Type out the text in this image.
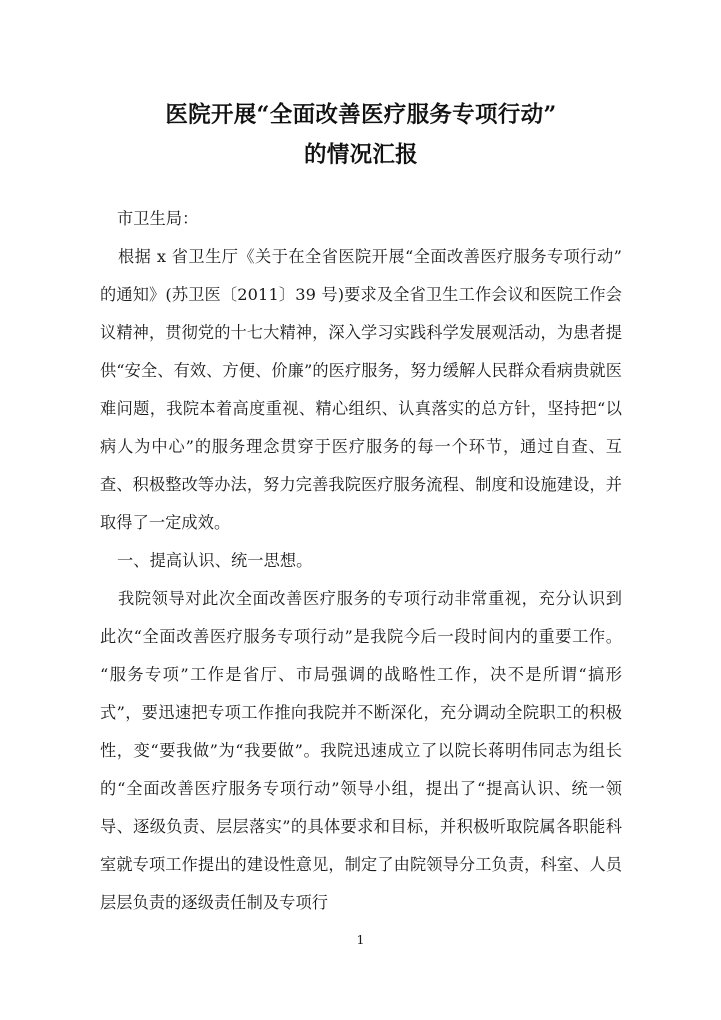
医院开展“全面改善医疗服务专项行动”
的情况汇报

市卫生局：

根据 x 省卫生厅《关于在全省医院开展“全面改善医疗服务专项行动”的通知》(苏卫医〔2011〕39 号)要求及全省卫生工作会议和医院工作会议精神，贯彻党的十七大精神，深入学习实践科学发展观活动，为患者提供“安全、有效、方便、价廉”的医疗服务，努力缓解人民群众看病贵就医难问题，我院本着高度重视、精心组织、认真落实的总方针，坚持把“以病人为中心”的服务理念贯穿于医疗服务的每一个环节，通过自查、互查、积极整改等办法，努力完善我院医疗服务流程、制度和设施建设，并取得了一定成效。

一、提高认识、统一思想。

我院领导对此次全面改善医疗服务的专项行动非常重视，充分认识到此次“全面改善医疗服务专项行动”是我院今后一段时间内的重要工作。“服务专项”工作是省厅、市局强调的战略性工作，决不是所谓“搞形式”，要迅速把专项工作推向我院并不断深化，充分调动全院职工的积极性，变“要我做”为“我要做”。我院迅速成立了以院长蒋明伟同志为组长的“全面改善医疗服务专项行动”领导小组，提出了“提高认识、统一领导、逐级负责、层层落实”的具体要求和目标，并积极听取院属各职能科室就专项工作提出的建设性意见，制定了由院领导分工负责，科室、人员层层负责的逐级责任制及专项行

1
